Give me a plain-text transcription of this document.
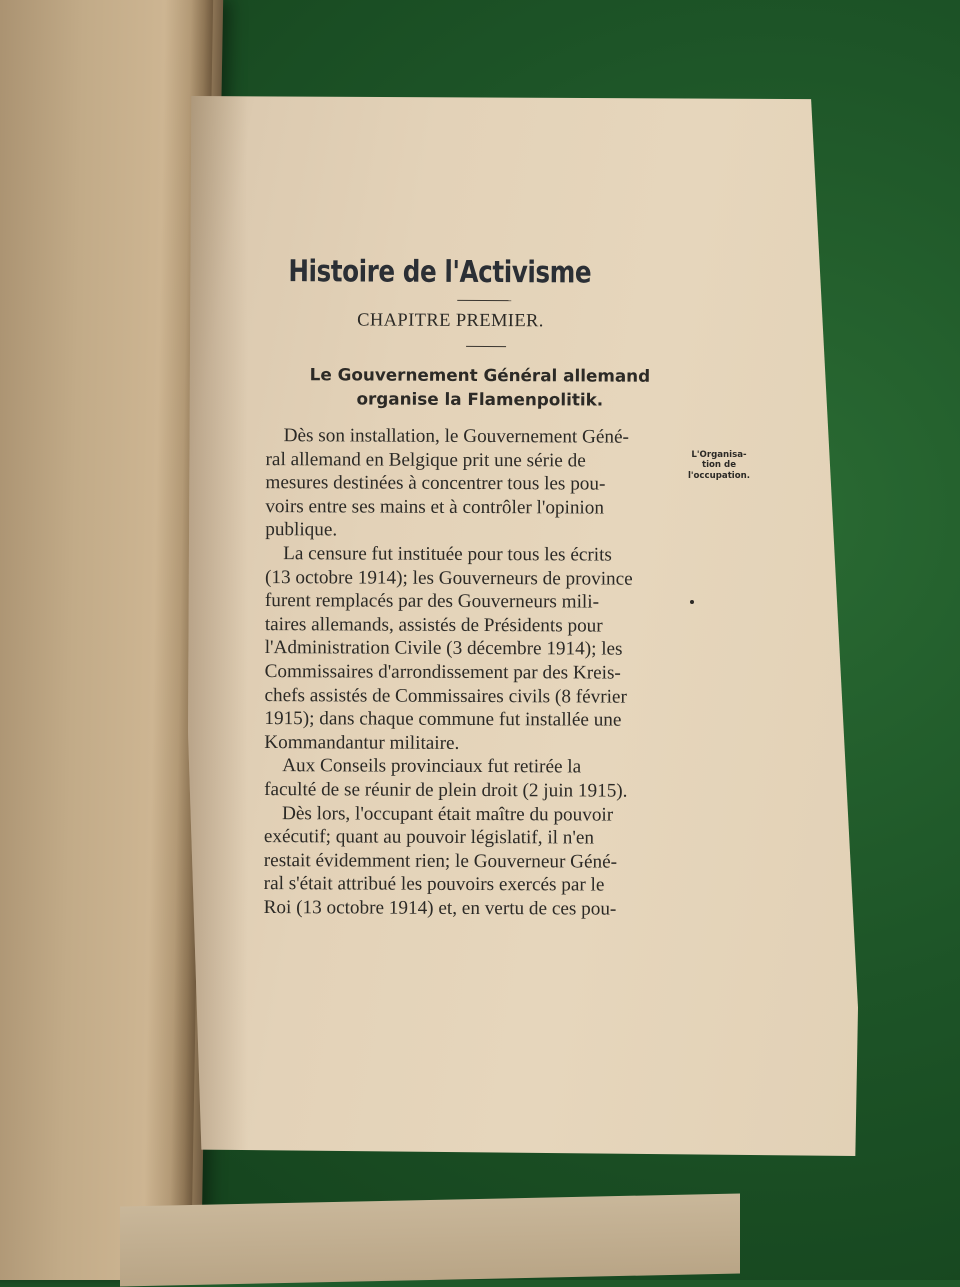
Histoire de l'Activisme
CHAPITRE PREMIER.
Le Gouvernement Général allemand
organise la Flamenpolitik.
Dès son installation, le Gouvernement Géné-
ral allemand en Belgique prit une série de
mesures destinées à concentrer tous les pou-
voirs entre ses mains et à contrôler l'opinion
publique.
La censure fut instituée pour tous les écrits
(13 octobre 1914); les Gouverneurs de province
furent remplacés par des Gouverneurs mili-
taires allemands, assistés de Présidents pour
l'Administration Civile (3 décembre 1914); les
Commissaires d'arrondissement par des Kreis-
chefs assistés de Commissaires civils (8 février
1915); dans chaque commune fut installée une
Kommandantur militaire.
Aux Conseils provinciaux fut retirée la
faculté de se réunir de plein droit (2 juin 1915).
Dès lors, l'occupant était maître du pouvoir
exécutif; quant au pouvoir législatif, il n'en
restait évidemment rien; le Gouverneur Géné-
ral s'était attribué les pouvoirs exercés par le
Roi (13 octobre 1914) et, en vertu de ces pou-
L'Organisa-
tion de
l'occupation.
